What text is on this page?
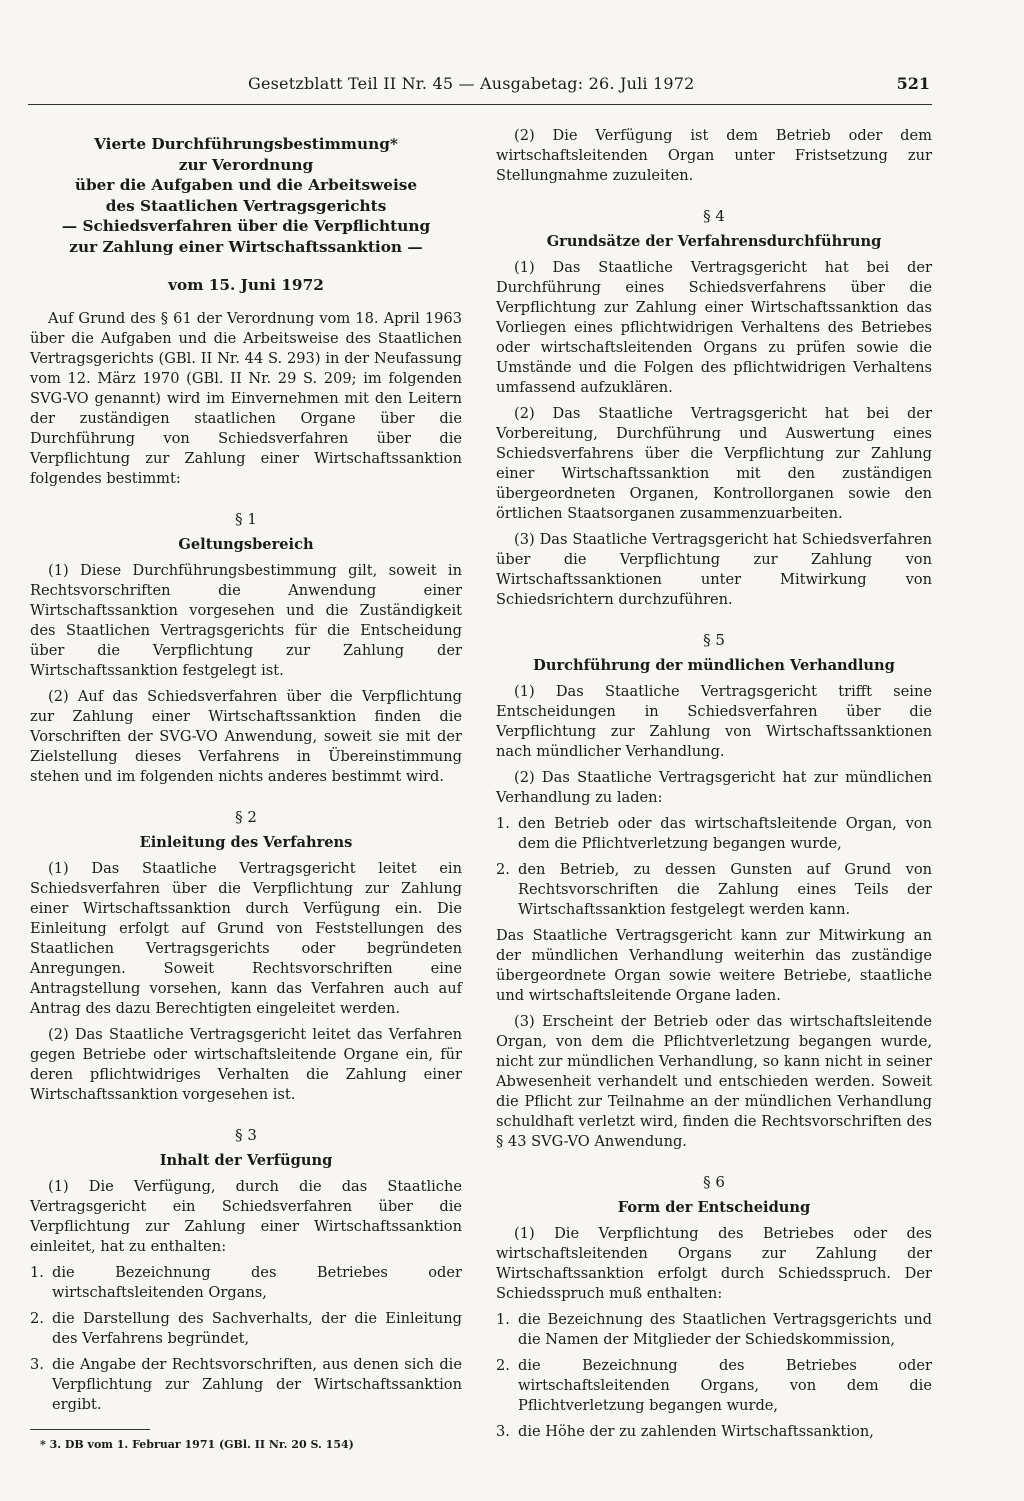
Gesetzblatt Teil II Nr. 45 — Ausgabetag: 26. Juli 1972	521
Vierte Durchführungsbestimmung*
zur Verordnung
über die Aufgaben und die Arbeitsweise
des Staatlichen Vertragsgerichts
— Schiedsverfahren über die Verpflichtung
zur Zahlung einer Wirtschaftssanktion —
vom 15. Juni 1972

Auf Grund des § 61 der Verordnung vom 18. April 1963 über die Aufgaben und die Arbeitsweise des Staatlichen Vertragsgerichts (GBl. II Nr. 44 S. 293) in der Neufassung vom 12. März 1970 (GBl. II Nr. 29 S. 209; im folgenden SVG-VO genannt) wird im Einvernehmen mit den Leitern der zuständigen staatlichen Organe über die Durchführung von Schiedsverfahren über die Verpflichtung zur Zahlung einer Wirtschaftssanktion folgendes bestimmt:

§ 1
Geltungsbereich

(1) Diese Durchführungsbestimmung gilt, soweit in Rechtsvorschriften die Anwendung einer Wirtschaftssanktion vorgesehen und die Zuständigkeit des Staatlichen Vertragsgerichts für die Entscheidung über die Verpflichtung zur Zahlung der Wirtschaftssanktion festgelegt ist.

(2) Auf das Schiedsverfahren über die Verpflichtung zur Zahlung einer Wirtschaftssanktion finden die Vorschriften der SVG-VO Anwendung, soweit sie mit der Zielstellung dieses Verfahrens in Übereinstimmung stehen und im folgenden nichts anderes bestimmt wird.

§ 2
Einleitung des Verfahrens

(1) Das Staatliche Vertragsgericht leitet ein Schiedsverfahren über die Verpflichtung zur Zahlung einer Wirtschaftssanktion durch Verfügung ein. Die Einleitung erfolgt auf Grund von Feststellungen des Staatlichen Vertragsgerichts oder begründeten Anregungen. Soweit Rechtsvorschriften eine Antragstellung vorsehen, kann das Verfahren auch auf Antrag des dazu Berechtigten eingeleitet werden.

(2) Das Staatliche Vertragsgericht leitet das Verfahren gegen Betriebe oder wirtschaftsleitende Organe ein, für deren pflichtwidriges Verhalten die Zahlung einer Wirtschaftssanktion vorgesehen ist.

§ 3
Inhalt der Verfügung

(1) Die Verfügung, durch die das Staatliche Vertragsgericht ein Schiedsverfahren über die Verpflichtung zur Zahlung einer Wirtschaftssanktion einleitet, hat zu enthalten:

1. die Bezeichnung des Betriebes oder wirtschaftsleitenden Organs,
2. die Darstellung des Sachverhalts, der die Einleitung des Verfahrens begründet,
3. die Angabe der Rechtsvorschriften, aus denen sich die Verpflichtung zur Zahlung der Wirtschaftssanktion ergibt.
* 3. DB vom 1. Februar 1971 (GBl. II Nr. 20 S. 154)

(2) Die Verfügung ist dem Betrieb oder dem wirtschaftsleitenden Organ unter Fristsetzung zur Stellungnahme zuzuleiten.

§ 4
Grundsätze der Verfahrensdurchführung

(1) Das Staatliche Vertragsgericht hat bei der Durchführung eines Schiedsverfahrens über die Verpflichtung zur Zahlung einer Wirtschaftssanktion das Vorliegen eines pflichtwidrigen Verhaltens des Betriebes oder wirtschaftsleitenden Organs zu prüfen sowie die Umstände und die Folgen des pflichtwidrigen Verhaltens umfassend aufzuklären.

(2) Das Staatliche Vertragsgericht hat bei der Vorbereitung, Durchführung und Auswertung eines Schiedsverfahrens über die Verpflichtung zur Zahlung einer Wirtschaftssanktion mit den zuständigen übergeordneten Organen, Kontrollorganen sowie den örtlichen Staatsorganen zusammenzuarbeiten.

(3) Das Staatliche Vertragsgericht hat Schiedsverfahren über die Verpflichtung zur Zahlung von Wirtschaftssanktionen unter Mitwirkung von Schiedsrichtern durchzuführen.

§ 5
Durchführung der mündlichen Verhandlung

(1) Das Staatliche Vertragsgericht trifft seine Entscheidungen in Schiedsverfahren über die Verpflichtung zur Zahlung von Wirtschaftssanktionen nach mündlicher Verhandlung.

(2) Das Staatliche Vertragsgericht hat zur mündlichen Verhandlung zu laden:

1. den Betrieb oder das wirtschaftsleitende Organ, von dem die Pflichtverletzung begangen wurde,
2. den Betrieb, zu dessen Gunsten auf Grund von Rechtsvorschriften die Zahlung eines Teils der Wirtschaftssanktion festgelegt werden kann.

Das Staatliche Vertragsgericht kann zur Mitwirkung an der mündlichen Verhandlung weiterhin das zuständige übergeordnete Organ sowie weitere Betriebe, staatliche und wirtschaftsleitende Organe laden.

(3) Erscheint der Betrieb oder das wirtschaftsleitende Organ, von dem die Pflichtverletzung begangen wurde, nicht zur mündlichen Verhandlung, so kann nicht in seiner Abwesenheit verhandelt und entschieden werden. Soweit die Pflicht zur Teilnahme an der mündlichen Verhandlung schuldhaft verletzt wird, finden die Rechtsvorschriften des § 43 SVG-VO Anwendung.

§ 6
Form der Entscheidung

(1) Die Verpflichtung des Betriebes oder des wirtschaftsleitenden Organs zur Zahlung der Wirtschaftssanktion erfolgt durch Schiedsspruch. Der Schiedsspruch muß enthalten:

1. die Bezeichnung des Staatlichen Vertragsgerichts und die Namen der Mitglieder der Schiedskommission,
2. die Bezeichnung des Betriebes oder wirtschaftsleitenden Organs, von dem die Pflichtverletzung begangen wurde,
3. die Höhe der zu zahlenden Wirtschaftssanktion,
